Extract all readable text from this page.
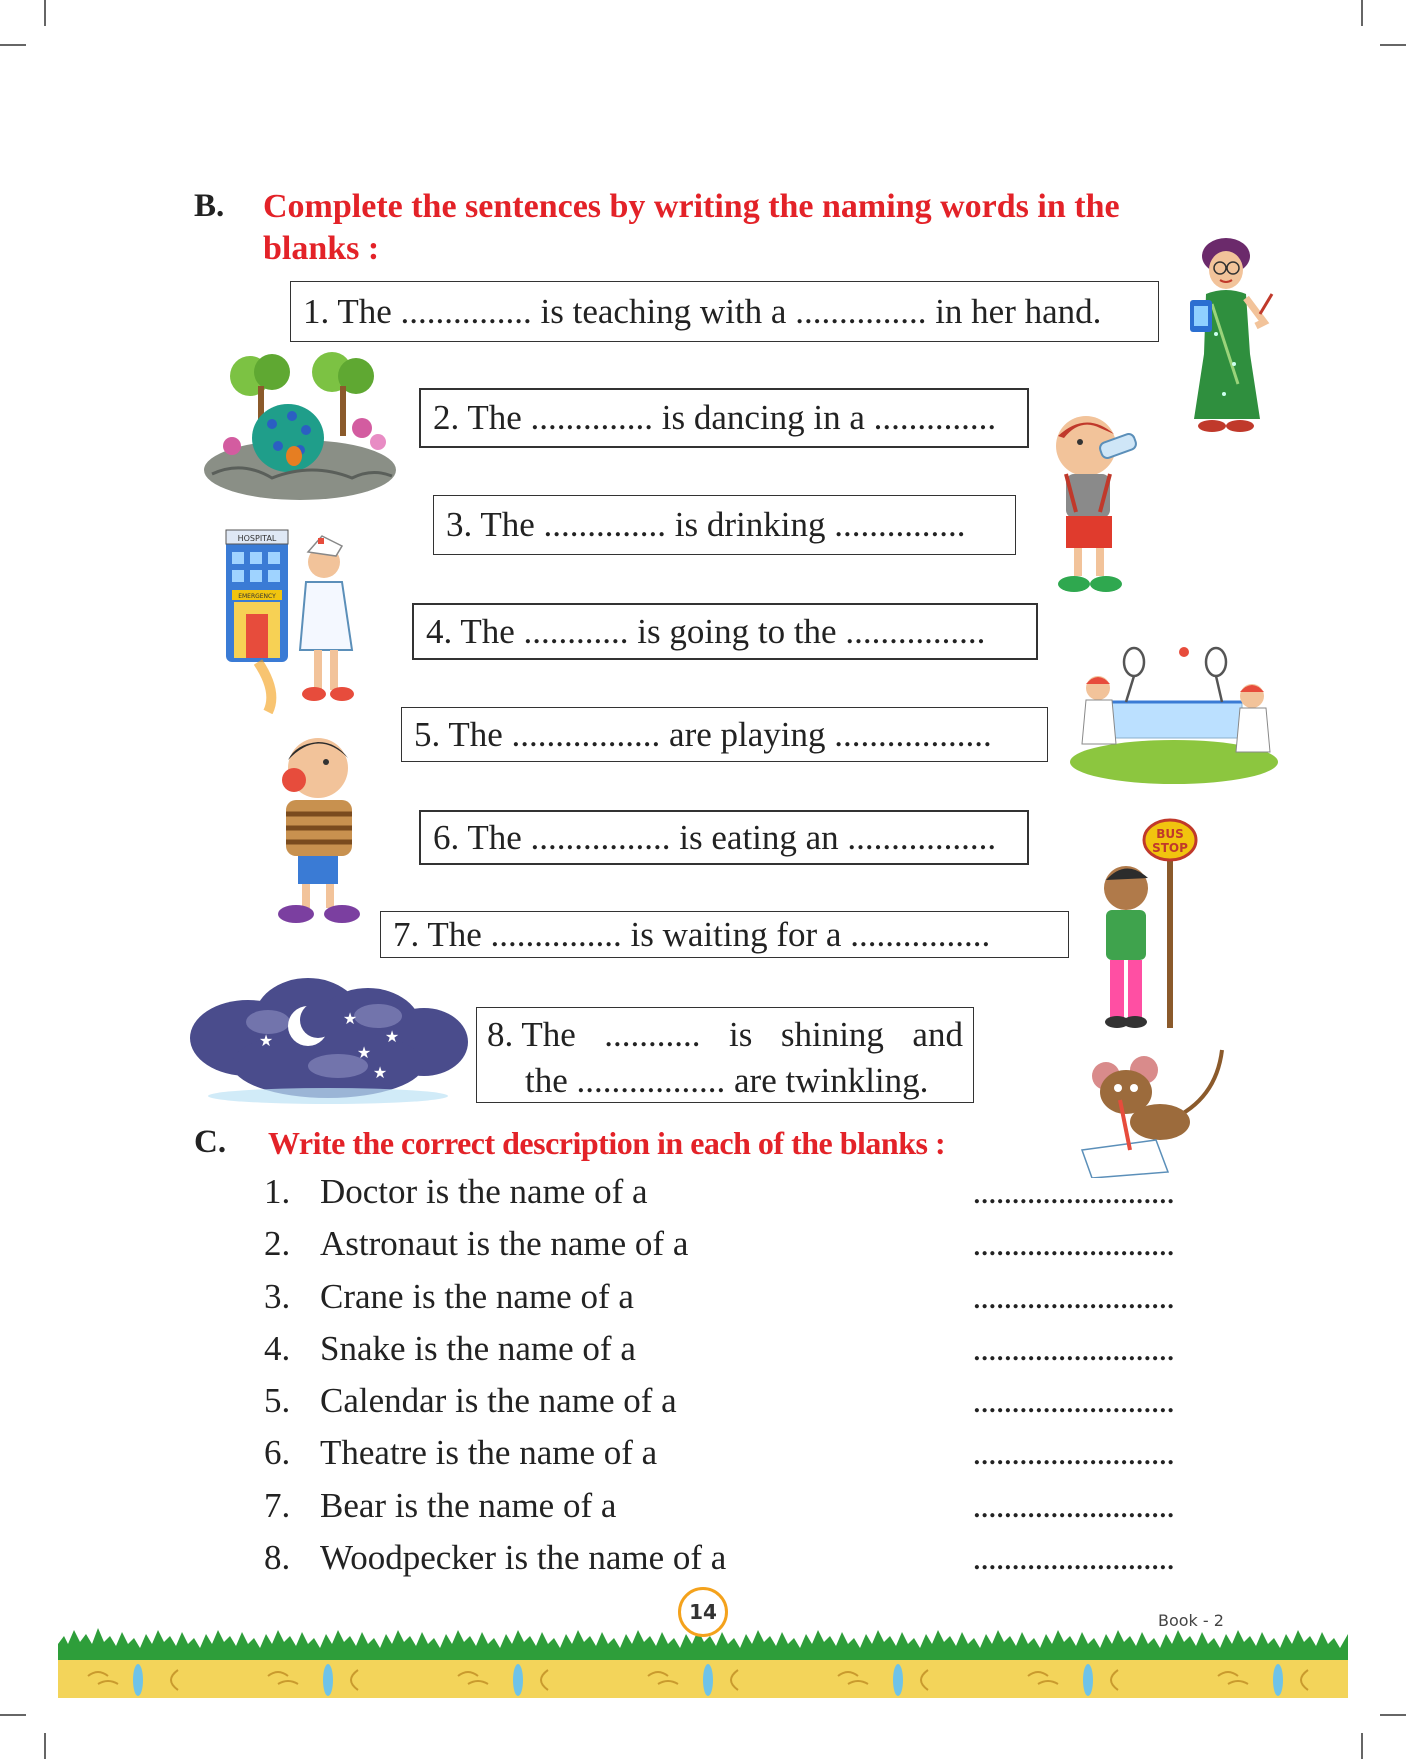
B. Complete the sentences by writing the naming words in the
blanks :
1. The ............... is teaching with a ............... in her hand.
2. The .............. is dancing in a ..............
3. The .............. is drinking ...............
4. The ............ is going to the ................
5. The ................. are playing ..................
6. The ................ is eating an .................
7. The ............... is waiting for a ................
8. The ........... is shining and
the ................. are twinkling.
HOSPITAL
EMERGENCY
BUS
STOP
★
★
★
★
★
C. Write the correct description in each of the blanks :
1. Doctor is the name of a	..........................
2. Astronaut is the name of a	..........................
3. Crane is the name of a	..........................
4. Snake is the name of a	..........................
5. Calendar is the name of a	..........................
6. Theatre is the name of a	..........................
7. Bear is the name of a	..........................
8. Woodpecker is the name of a	..........................
14	Book - 2
